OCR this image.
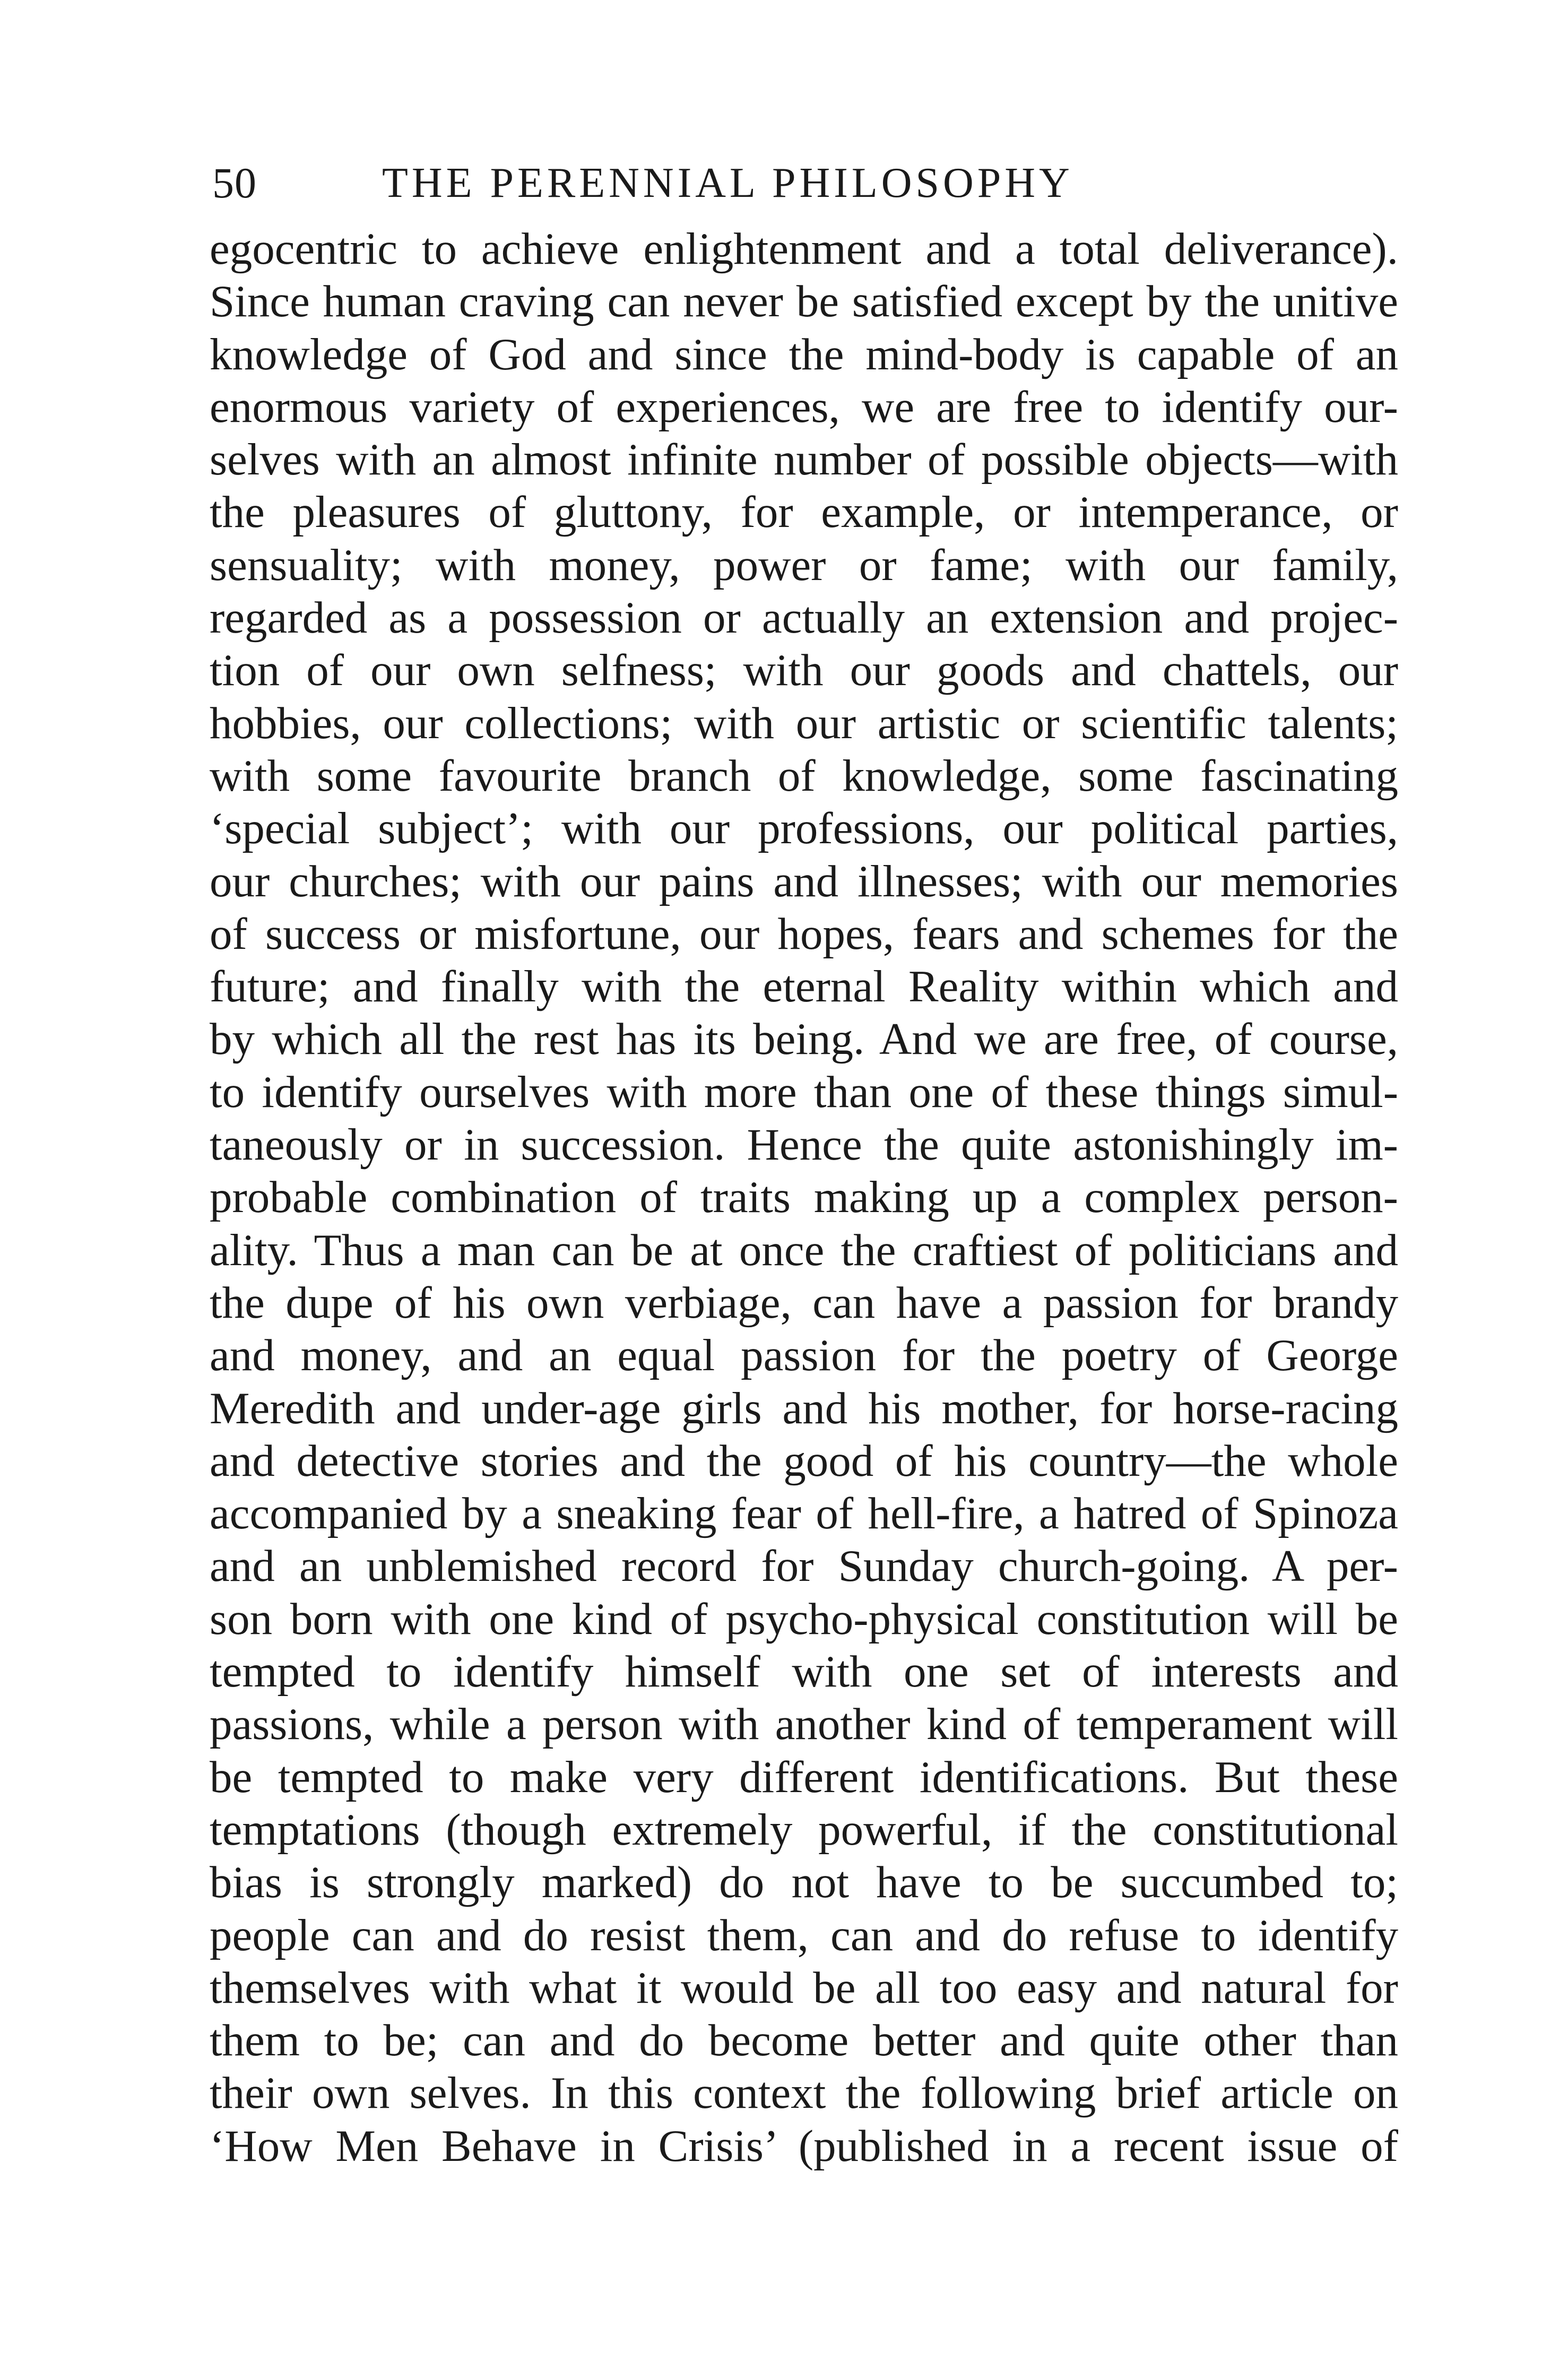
50	THE PERENNIAL PHILOSOPHY
egocentric to achieve enlightenment and a total deliverance).
Since human craving can never be satisfied except by the unitive
knowledge of God and since the mind-body is capable of an
enormous variety of experiences, we are free to identify our-
selves with an almost infinite number of possible objects—with
the pleasures of gluttony, for example, or intemperance, or
sensuality; with money, power or fame; with our family,
regarded as a possession or actually an extension and projec-
tion of our own selfness; with our goods and chattels, our
hobbies, our collections; with our artistic or scientific talents;
with some favourite branch of knowledge, some fascinating
‘special subject’; with our professions, our political parties,
our churches; with our pains and illnesses; with our memories
of success or misfortune, our hopes, fears and schemes for the
future; and finally with the eternal Reality within which and
by which all the rest has its being. And we are free, of course,
to identify ourselves with more than one of these things simul-
taneously or in succession. Hence the quite astonishingly im-
probable combination of traits making up a complex person-
ality. Thus a man can be at once the craftiest of politicians and
the dupe of his own verbiage, can have a passion for brandy
and money, and an equal passion for the poetry of George
Meredith and under-age girls and his mother, for horse-racing
and detective stories and the good of his country—the whole
accompanied by a sneaking fear of hell-fire, a hatred of Spinoza
and an unblemished record for Sunday church-going. A per-
son born with one kind of psycho-physical constitution will be
tempted to identify himself with one set of interests and
passions, while a person with another kind of temperament will
be tempted to make very different identifications. But these
temptations (though extremely powerful, if the constitutional
bias is strongly marked) do not have to be succumbed to;
people can and do resist them, can and do refuse to identify
themselves with what it would be all too easy and natural for
them to be; can and do become better and quite other than
their own selves. In this context the following brief article on
‘How Men Behave in Crisis’ (published in a recent issue of
